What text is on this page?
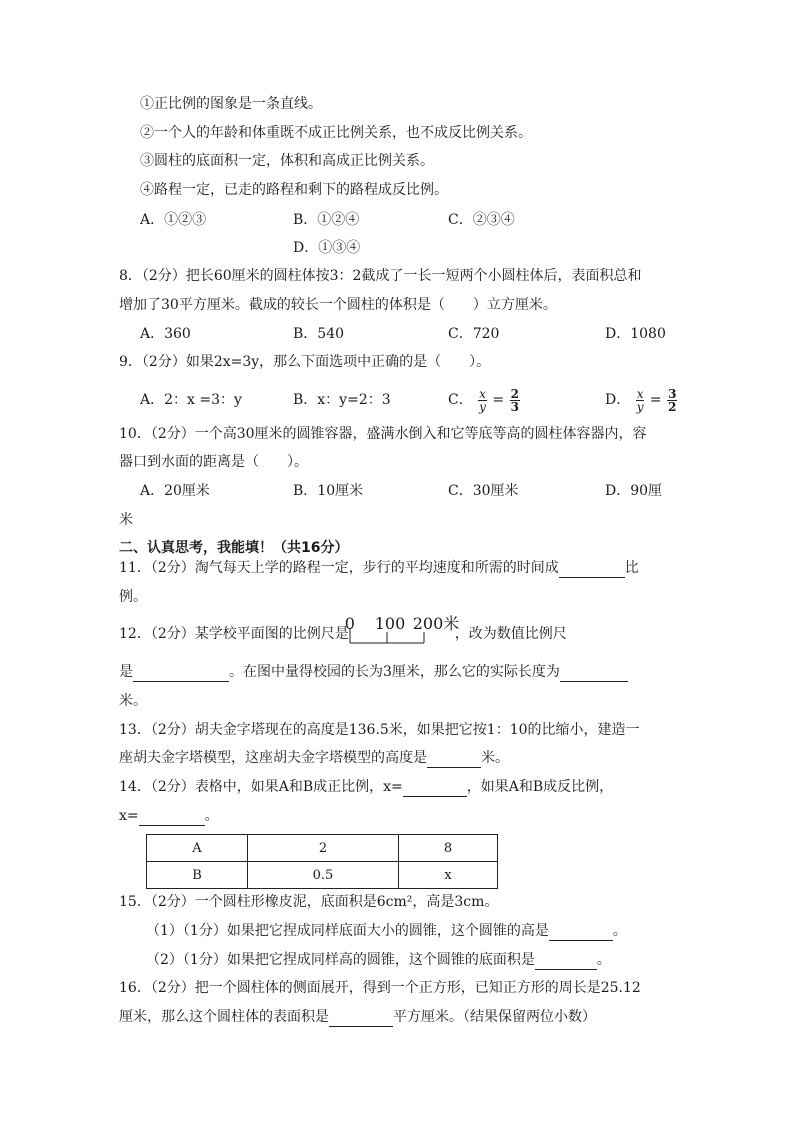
①正比例的图象是一条直线。
②一个人的年龄和体重既不成正比例关系，也不成反比例关系。
③圆柱的底面积一定，体积和高成正比例关系。
④路程一定，已走的路程和剩下的路程成反比例。
A．①②③	B．①②④	C．②③④
D．①③④
8．（2分）把长60厘米的圆柱体按3：2截成了一长一短两个小圆柱体后，表面积总和
增加了30平方厘米。截成的较长一个圆柱的体积是（　　）立方厘米。
A．360	B．540	C．720	D．1080
9．（2分）如果2x=3y，那么下面选项中正确的是（　　）。
A．2：x =3：y	B．x：y=2：3	C． $\frac{x}{y} = \frac{2}{3}$	D． $\frac{x}{y} = \frac{3}{2}$
10．（2分）一个高30厘米的圆锥容器，盛满水倒入和它等底等高的圆柱体容器内，容
器口到水面的距离是（　　）。
A．20厘米	B．10厘米	C．30厘米	D．90厘
米
二、认真思考，我能填！（共16分）
11．（2分）淘气每天上学的路程一定，步行的平均速度和所需的时间成	比
例。
12．（2分）某学校平面图的比例尺是
0 100 200米
，改为数值比例尺
是	。在图中量得校园的长为3厘米，那么它的实际长度为
米。
13．（2分）胡夫金字塔现在的高度是136.5米，如果把它按1：10的比缩小，建造一
座胡夫金字塔模型，这座胡夫金字塔模型的高度是	米。
14．（2分）表格中，如果A和B成正比例，x=	，如果A和B成反比例，
x=	。
A	2	8
B	0.5	x
15．（2分）一个圆柱形橡皮泥，底面积是6cm²，高是3cm。
（1）（1分）如果把它捏成同样底面大小的圆锥，这个圆锥的高是	。
（2）（1分）如果把它捏成同样高的圆锥，这个圆锥的底面积是	。
16．（2分）把一个圆柱体的侧面展开，得到一个正方形，已知正方形的周长是25.12
厘米，那么这个圆柱体的表面积是	平方厘米。（结果保留两位小数）
